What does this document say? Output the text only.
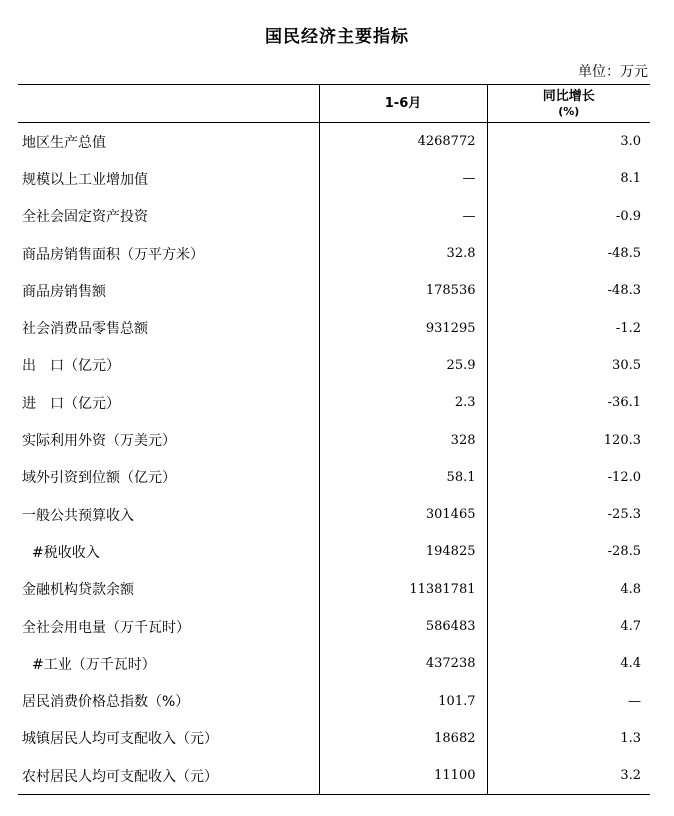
国民经济主要指标
单位：万元
	1-6月	同比增长
(%)

地区生产总值	4268772	3.0
规模以上工业增加值	—	8.1
全社会固定资产投资	—	-0.9
商品房销售面积（万平方米）	32.8	-48.5
商品房销售额	178536	-48.3
社会消费品零售总额	931295	-1.2
出　口（亿元）	25.9	30.5
进　口（亿元）	2.3	-36.1
实际利用外资（万美元）	328	120.3
域外引资到位额（亿元）	58.1	-12.0
一般公共预算收入	301465	-25.3
#税收收入	194825	-28.5
金融机构贷款余额	11381781	4.8
全社会用电量（万千瓦时）	586483	4.7
#工业（万千瓦时）	437238	4.4
居民消费价格总指数（%）	101.7	—
城镇居民人均可支配收入（元）	18682	1.3
农村居民人均可支配收入（元）	11100	3.2
